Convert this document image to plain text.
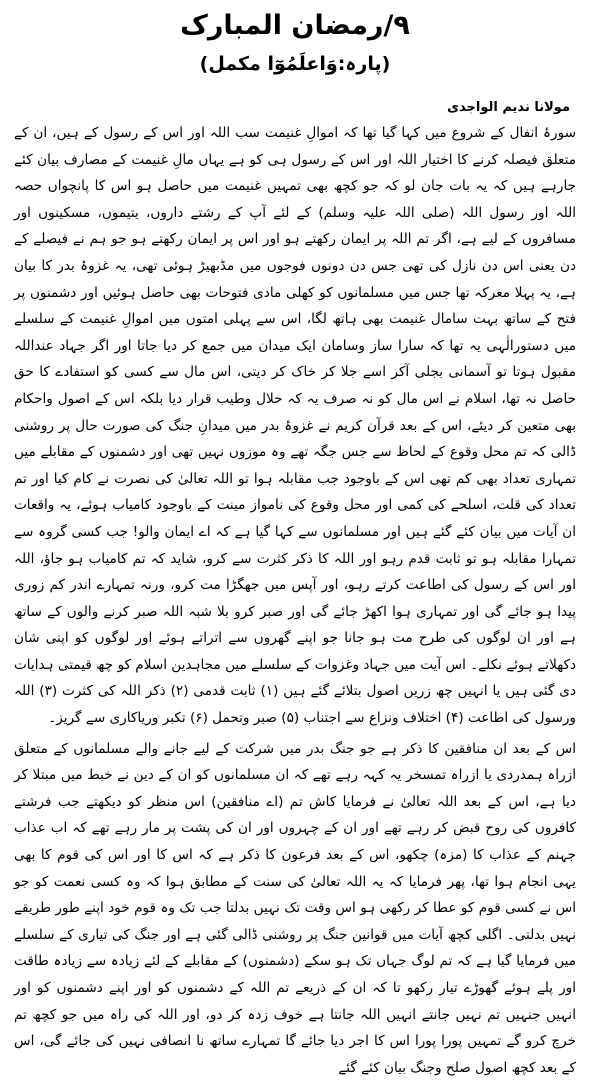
۹/رمضان المبارک
(پارہ:وَاعلَمُوٓا مکمل)
مولانا ندیم الواجدی

سورۂ انفال کے شروع میں کہا گیا تھا کہ اموالِ غنیمت سب اللہ اور اس کے رسول کے ہیں، ان کے متعلق فیصلہ کرنے کا اختیار اللہ اور اس کے رسول ہی کو ہے یہاں مالِ غنیمت کے مصارف بیان کئے جارہے ہیں کہ یہ بات جان لو کہ جو کچھ بھی تمہیں غنیمت میں حاصل ہو اس کا پانچواں حصہ اللہ اور رسول اللہ (صلی اللہ علیہ وسلم) کے لئے آپ کے رشتے داروں، یتیموں، مسکینوں اور مسافروں کے لیے ہے، اگر تم اللہ پر ایمان رکھتے ہو اور اس پر ایمان رکھتے ہو جو ہم نے فیصلے کے دن یعنی اس دن نازل کی تھی جس دن دونوں فوجوں میں مڈبھیڑ ہوئی تھی، یہ غزوۂ بدر کا بیان ہے، یہ پہلا معرکہ تھا جس میں مسلمانوں کو کھلی مادی فتوحات بھی حاصل ہوئیں اور دشمنوں پر فتح کے ساتھ بہت سامال غنیمت بھی ہاتھ لگا، اس سے پہلی امتوں میں اموالِ غنیمت کے سلسلے میں دستورالٰہی یہ تھا کہ سارا ساز وسامان ایک میدان میں جمع کر دیا جاتا اور اگر جہاد عنداللہ مقبول ہوتا تو آسمانی بجلی آکر اسے جلا کر خاک کر دیتی، اس مال سے کسی کو استفادے کا حق حاصل نہ تھا، اسلام نے اس مال کو نہ صرف یہ کہ حلال وطیب قرار دیا بلکہ اس کے اصول واحکام بھی متعین کر دیئے، اس کے بعد قرآن کریم نے غزوۂ بدر میں میدانِ جنگ کی صورت حال پر روشنی ڈالی کہ تم محل وقوع کے لحاظ سے جس جگہ تھے وہ موزوں نہیں تھی اور دشمنوں کے مقابلے میں تمہاری تعداد بھی کم تھی اس کے باوجود جب مقابلہ ہوا تو اللہ تعالیٰ کی نصرت نے کام کیا اور تم تعداد کی قلت، اسلحے کی کمی اور محل وقوع کی نامواز مینت کے باوجود کامیاب ہوئے، یہ واقعات ان آیات میں بیان کئے گئے ہیں اور مسلمانوں سے کہا گیا ہے کہ اے ایمان والو! جب کسی گروہ سے تمہارا مقابلہ ہو تو ثابت قدم رہو اور اللہ کا ذکر کثرت سے کرو، شاید کہ تم کامیاب ہو جاؤ، اللہ اور اس کے رسول کی اطاعت کرتے رہو، اور آپس میں جھگڑا مت کرو، ورنہ تمہارے اندر کم زوری پیدا ہو جائے گی اور تمہاری ہوا اکھڑ جائے گی اور صبر کرو بلا شبہ اللہ صبر کرنے والوں کے ساتھ ہے اور ان لوگوں کی طرح مت ہو جانا جو اپنے گھروں سے اتراتے ہوئے اور لوگوں کو اپنی شان دکھلاتے ہوئے نکلے۔ اس آیت میں جہاد وغزوات کے سلسلے میں مجاہدین اسلام کو چھ قیمتی ہدایات دی گئی ہیں یا انہیں چھ زریں اصول بتلائے گئے ہیں (۱) ثابت قدمی (۲) ذکر اللہ کی کثرت (۳) اللہ ورسول کی اطاعت (۴) اختلاف ونزاع سے اجتناب (۵) صبر وتحمل (۶) تکبر وریاکاری سے گریز۔

اس کے بعد ان منافقین کا ذکر ہے جو جنگ بدر میں شرکت کے لیے جانے والے مسلمانوں کے متعلق ازراہ ہمدردی یا ازراہ تمسخر یہ کہہ رہے تھے کہ ان مسلمانوں کو ان کے دین نے خبط میں مبتلا کر دیا ہے، اس کے بعد اللہ تعالیٰ نے فرمایا کاش تم (اے منافقین) اس منظر کو دیکھتے جب فرشتے کافروں کی روح قبض کر رہے تھے اور ان کے چہروں اور ان کی پشت پر مار رہے تھے کہ اب عذاب جہنم کے عذاب کا (مزہ) چکھو، اس کے بعد فرعون کا ذکر ہے کہ اس کا اور اس کی قوم کا بھی یہی انجام ہوا تھا، پھر فرمایا کہ یہ اللہ تعالیٰ کی سنت کے مطابق ہوا کہ وہ کسی نعمت کو جو اس نے کسی قوم کو عطا کر رکھی ہو اس وقت تک نہیں بدلتا جب تک وہ قوم خود اپنے طور طریقے نہیں بدلتی۔ اگلی کچھ آیات میں قوانین جنگ پر روشنی ڈالی گئی ہے اور جنگ کی تیاری کے سلسلے میں فرمایا گیا ہے کہ تم لوگ جہاں تک ہو سکے (دشمنوں) کے مقابلے کے لئے زیادہ سے زیادہ طاقت اور پلے ہوئے گھوڑے تیار رکھو تا کہ ان کے ذریعے تم اللہ کے دشمنوں کو اور اپنے دشمنوں کو اور انہیں جنہیں تم نہیں جانتے انہیں اللہ جانتا ہے خوف زدہ کر دو، اور اللہ کی راہ میں جو کچھ تم خرچ کرو گے تمہیں پورا پورا اس کا اجر دیا جائے گا تمہارے ساتھ نا انصافی نہیں کی جائے گی، اس کے بعد کچھ اصول صلح وجنگ بیان کئے گئے
